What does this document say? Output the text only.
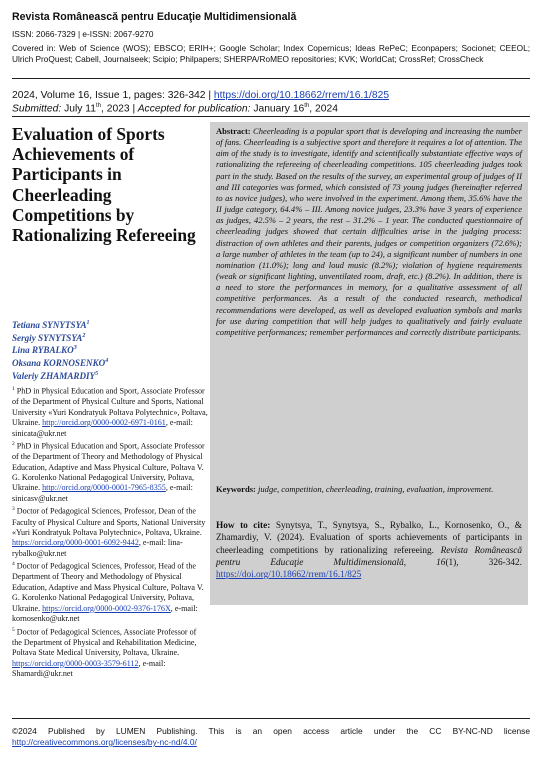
Revista Românească pentru Educaţie Multidimensională
ISSN: 2066-7329 | e-ISSN: 2067-9270
Covered in: Web of Science (WOS); EBSCO; ERIH+; Google Scholar; Index Copernicus; Ideas RePeC; Econpapers; Socionet; CEEOL; Ulrich ProQuest; Cabell, Journalseek; Scipio; Philpapers; SHERPA/RoMEO repositories; KVK; WorldCat; CrossRef; CrossCheck
2024, Volume 16, Issue 1, pages: 326-342 | https://doi.org/10.18662/rrem/16.1/825
Submitted: July 11th, 2023 | Accepted for publication: January 16th, 2024
Evaluation of Sports Achievements of Participants in Cheerleading Competitions by Rationalizing Refereeing
Tetiana SYNYTSYA$^1$
Sergiy SYNYTSYA$^2$
Lina RYBALKO$^3$
Oksana KORNOSENKO$^4$
Valeriy ZHAMARDIY$^5$

$^1$ PhD in Physical Education and Sport, Associate Professor of the Department of Physical Culture and Sports, National University «Yuri Kondratyuk Poltava Polytechnic», Poltava, Ukraine. http://orcid.org/0000-0002-6971-0161, e-mail: sinicata@ukr.net

$^2$ PhD in Physical Education and Sport, Associate Professor of the Department of Theory and Methodology of Physical Education, Adaptive and Mass Physical Culture, Poltava V. G. Korolenko National Pedagogical University, Poltava, Ukraine. http://orcid.org/0000-0001-7965-8355, e-mail: sinicasv@ukr.net

$^3$ Doctor of Pedagogical Sciences, Professor, Dean of the Faculty of Physical Culture and Sports, National University «Yuri Kondratyuk Poltava Polytechnic», Poltava, Ukraine. https://orcid.org/0000-0001-6092-9442, e-mail: lina-rybalko@ukr.net

$^4$ Doctor of Pedagogical Sciences, Professor, Head of the Department of Theory and Methodology of Physical Education, Adaptive and Mass Physical Culture, Poltava V. G. Korolenko National Pedagogical University, Poltava, Ukraine. https://orcid.org/0000-0002-9376-176X, e-mail: kornosenko@ukr.net

$^5$ Doctor of Pedagogical Sciences, Associate Professor of the Department of Physical and Rehabilitation Medicine, Poltava State Medical University, Poltava, Ukraine. https://orcid.org/0000-0003-3579-6112, e-mail: Shamardi@ukr.net

Abstract: Cheerleading is a popular sport that is developing and increasing the number of fans. Cheerleading is a subjective sport and therefore it requires a lot of attention. The aim of the study is to investigate, identify and scientifically substantiate effective ways of rationalizing the refereeing of cheerleading competitions. 105 cheerleading judges took part in the study. Based on the results of the survey, an experimental group of judges of II and III categories was formed, which consisted of 73 young judges (hereinafter referred to as novice judges), who were involved in the experiment. Among them, 35.6% have the II judge category, 64.4% – III. Among novice judges, 23.3% have 3 years of experience as judges, 42.5% – 2 years, the rest – 31.2% – 1 year. The conducted questionnaire of cheerleading judges showed that certain difficulties arise in the judging process: distraction of own athletes and their parents, judges or competition organizers (72.6%); a large number of athletes in the team (up to 24), a significant number of numbers in one nomination (11.0%); long and loud music (8.2%); violation of hygiene requirements (weak or significant lighting, unventilated room, draft, etc.) (8.2%). In addition, there is a need to store the performances in memory, for a qualitative assessment of all competitive performances. As a result of the conducted research, methodical recommendations were developed, as well as developed evaluation symbols and marks for use during competition that will help judges to qualitatively and fairly evaluate competitive performances; remember performances and correctly distribute participants.

Keywords: judge, competition, cheerleading, training, evaluation, improvement.

How to cite: Synytsya, T., Synytsya, S., Rybalko, L., Kornosenko, O., & Zhamardiy, V. (2024). Evaluation of sports achievements of participants in cheerleading competitions by rationalizing refereeing. Revista Românească pentru Educaţie Multidimensională, 16(1), 326-342. https://doi.org/10.18662/rrem/16.1/825

©2024 Published by LUMEN Publishing. This is an open access article under the CC BY-NC-ND license http://creativecommons.org/licenses/by-nc-nd/4.0/
